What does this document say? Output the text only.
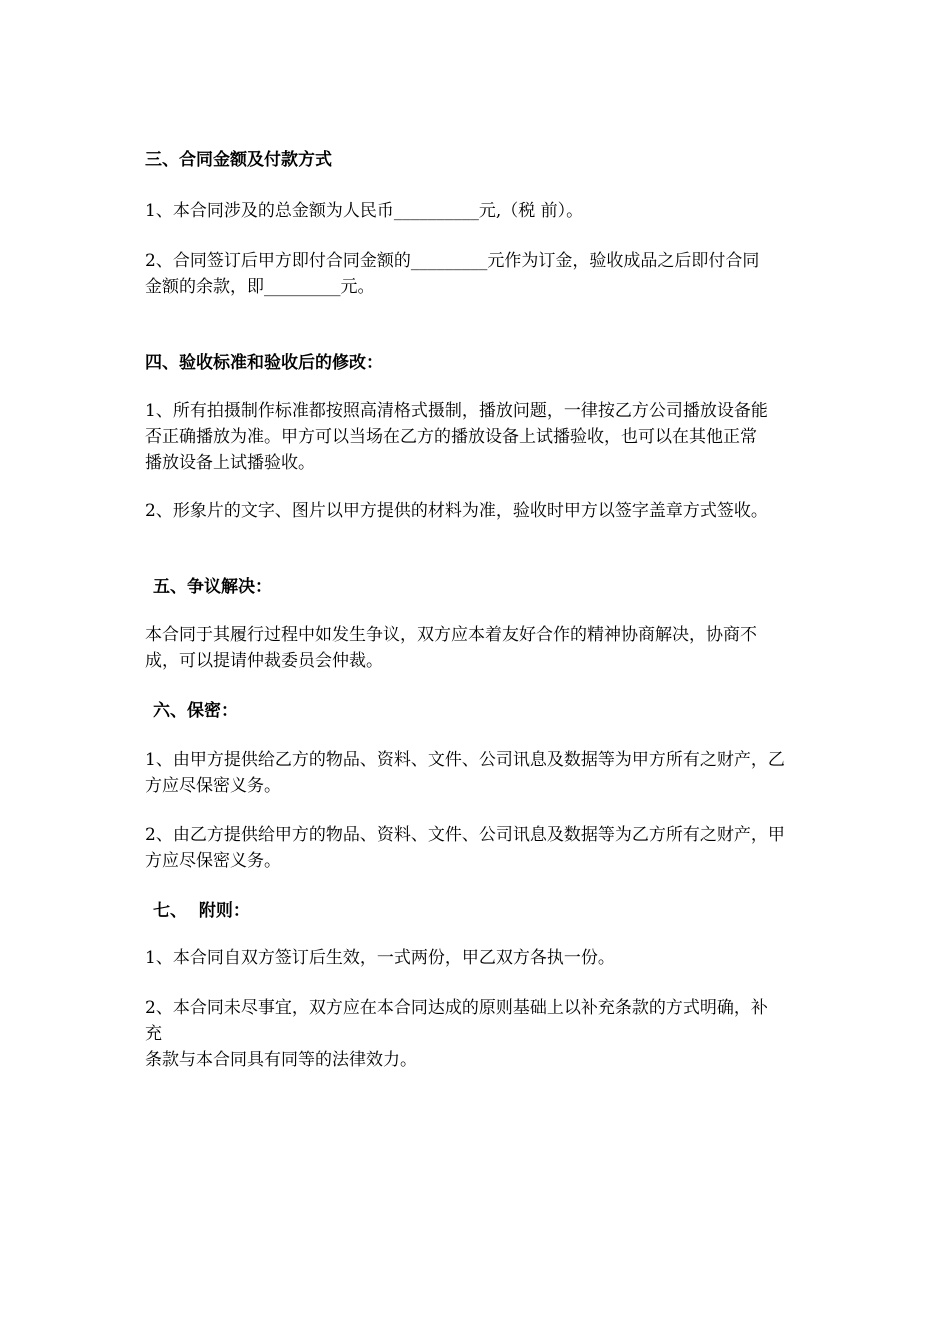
三、合同金额及付款方式

1、本合同涉及的总金额为人民币__________元,（税 前）。

2、合同签订后甲方即付合同金额的_________元作为订金，验收成品之后即付合同
金额的余款，即_________元。

四、验收标准和验收后的修改：

1、所有拍摄制作标准都按照高清格式摄制，播放问题，一律按乙方公司播放设备能
否正确播放为准。甲方可以当场在乙方的播放设备上试播验收，也可以在其他正常
播放设备上试播验收。

2、形象片的文字、图片以甲方提供的材料为准，验收时甲方以签字盖章方式签收。

五、争议解决：

本合同于其履行过程中如发生争议，双方应本着友好合作的精神协商解决，协商不
成，可以提请仲裁委员会仲裁。

六、保密：

1、由甲方提供给乙方的物品、资料、文件、公司讯息及数据等为甲方所有之财产，乙
方应尽保密义务。

2、由乙方提供给甲方的物品、资料、文件、公司讯息及数据等为乙方所有之财产，甲
方应尽保密义务。

七、  附则：

1、本合同自双方签订后生效，一式两份，甲乙双方各执一份。

2、本合同未尽事宜，双方应在本合同达成的原则基础上以补充条款的方式明确，补
充
条款与本合同具有同等的法律效力。
